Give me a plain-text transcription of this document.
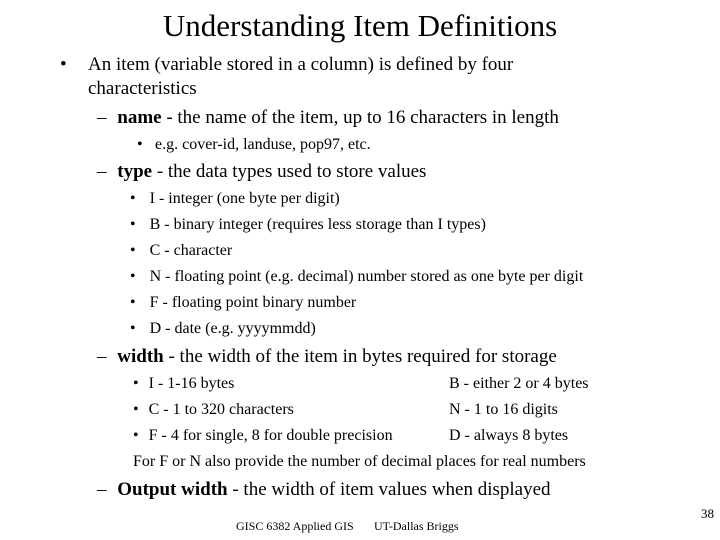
Understanding Item Definitions
• An item (variable stored in a column) is defined by four
characteristics
– name - the name of the item, up to 16 characters in length
• e.g. cover-id, landuse, pop97, etc.
– type - the data types used to store values
• I - integer (one byte per digit)
• B - binary integer (requires less storage than I types)
• C - character
• N - floating point (e.g. decimal) number stored as one byte per digit
• F - floating point binary number
• D - date (e.g. yyyymmdd)
– width - the width of the item in bytes required for storage
• I - 1-16 bytes	B - either 2 or 4 bytes
• C - 1 to 320 characters	N - 1 to 16 digits
• F - 4 for single, 8 for double precision	D - always 8 bytes
For F or N also provide the number of decimal places for real numbers
– Output width - the width of item values when displayed
GISC 6382 Applied GIS UT-Dallas Briggs
38
